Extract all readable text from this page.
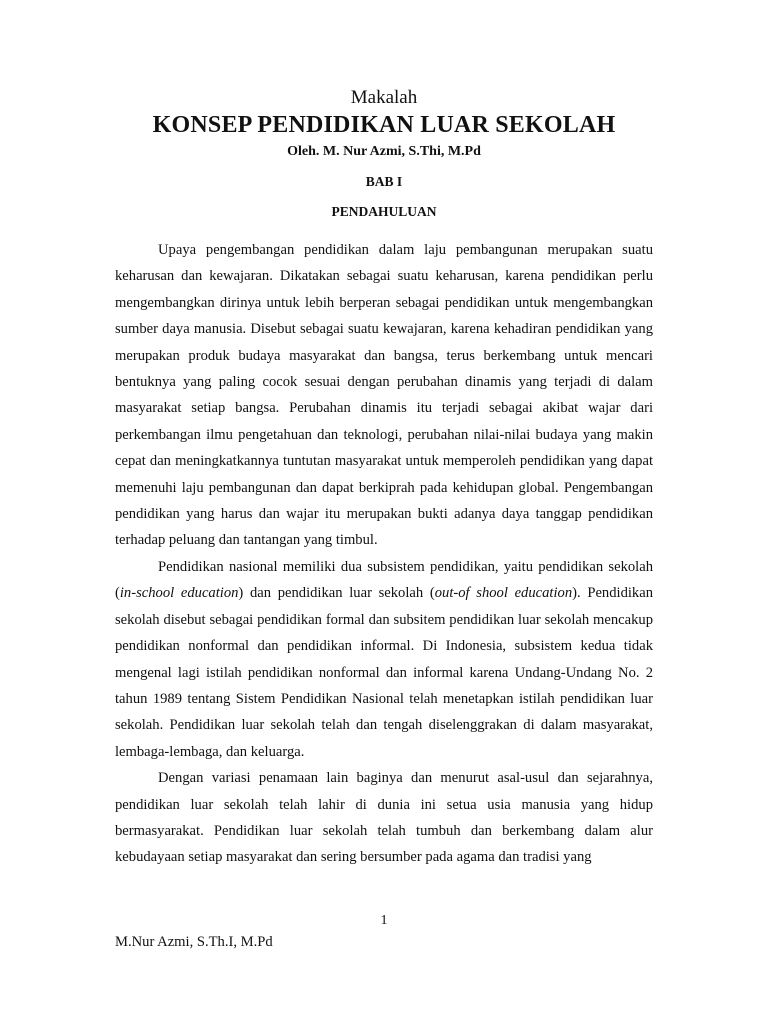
Makalah
KONSEP PENDIDIKAN LUAR SEKOLAH
Oleh. M. Nur Azmi, S.Thi, M.Pd
BAB I
PENDAHULUAN

Upaya pengembangan pendidikan dalam laju pembangunan merupakan suatu keharusan dan kewajaran. Dikatakan sebagai suatu keharusan, karena pendidikan perlu mengembangkan dirinya untuk lebih berperan sebagai pendidikan untuk mengembangkan sumber daya manusia. Disebut sebagai suatu kewajaran, karena kehadiran pendidikan yang merupakan produk budaya masyarakat dan bangsa, terus berkembang untuk mencari bentuknya yang paling cocok sesuai dengan perubahan dinamis yang terjadi di dalam masyarakat setiap bangsa. Perubahan dinamis itu terjadi sebagai akibat wajar dari perkembangan ilmu pengetahuan dan teknologi, perubahan nilai-nilai budaya yang makin cepat dan meningkatkannya tuntutan masyarakat untuk memperoleh pendidikan yang dapat memenuhi laju pembangunan dan dapat berkiprah pada kehidupan global. Pengembangan pendidikan yang harus dan wajar itu merupakan bukti adanya daya tanggap pendidikan terhadap peluang dan tantangan yang timbul.

Pendidikan nasional memiliki dua subsistem pendidikan, yaitu pendidikan sekolah (in-school education) dan pendidikan luar sekolah (out-of shool education). Pendidikan sekolah disebut sebagai pendidikan formal dan subsitem pendidikan luar sekolah mencakup pendidikan nonformal dan pendidikan informal. Di Indonesia, subsistem kedua tidak mengenal lagi istilah pendidikan nonformal dan informal karena Undang-Undang No. 2 tahun 1989 tentang Sistem Pendidikan Nasional telah menetapkan istilah pendidikan luar sekolah. Pendidikan luar sekolah telah dan tengah diselenggrakan di dalam masyarakat, lembaga-lembaga, dan keluarga.

Dengan variasi penamaan lain baginya dan menurut asal-usul dan sejarahnya, pendidikan luar sekolah telah lahir di dunia ini setua usia manusia yang hidup bermasyarakat. Pendidikan luar sekolah telah tumbuh dan berkembang dalam alur kebudayaan setiap masyarakat dan sering bersumber pada agama dan tradisi yang

1
M.Nur Azmi, S.Th.I, M.Pd
